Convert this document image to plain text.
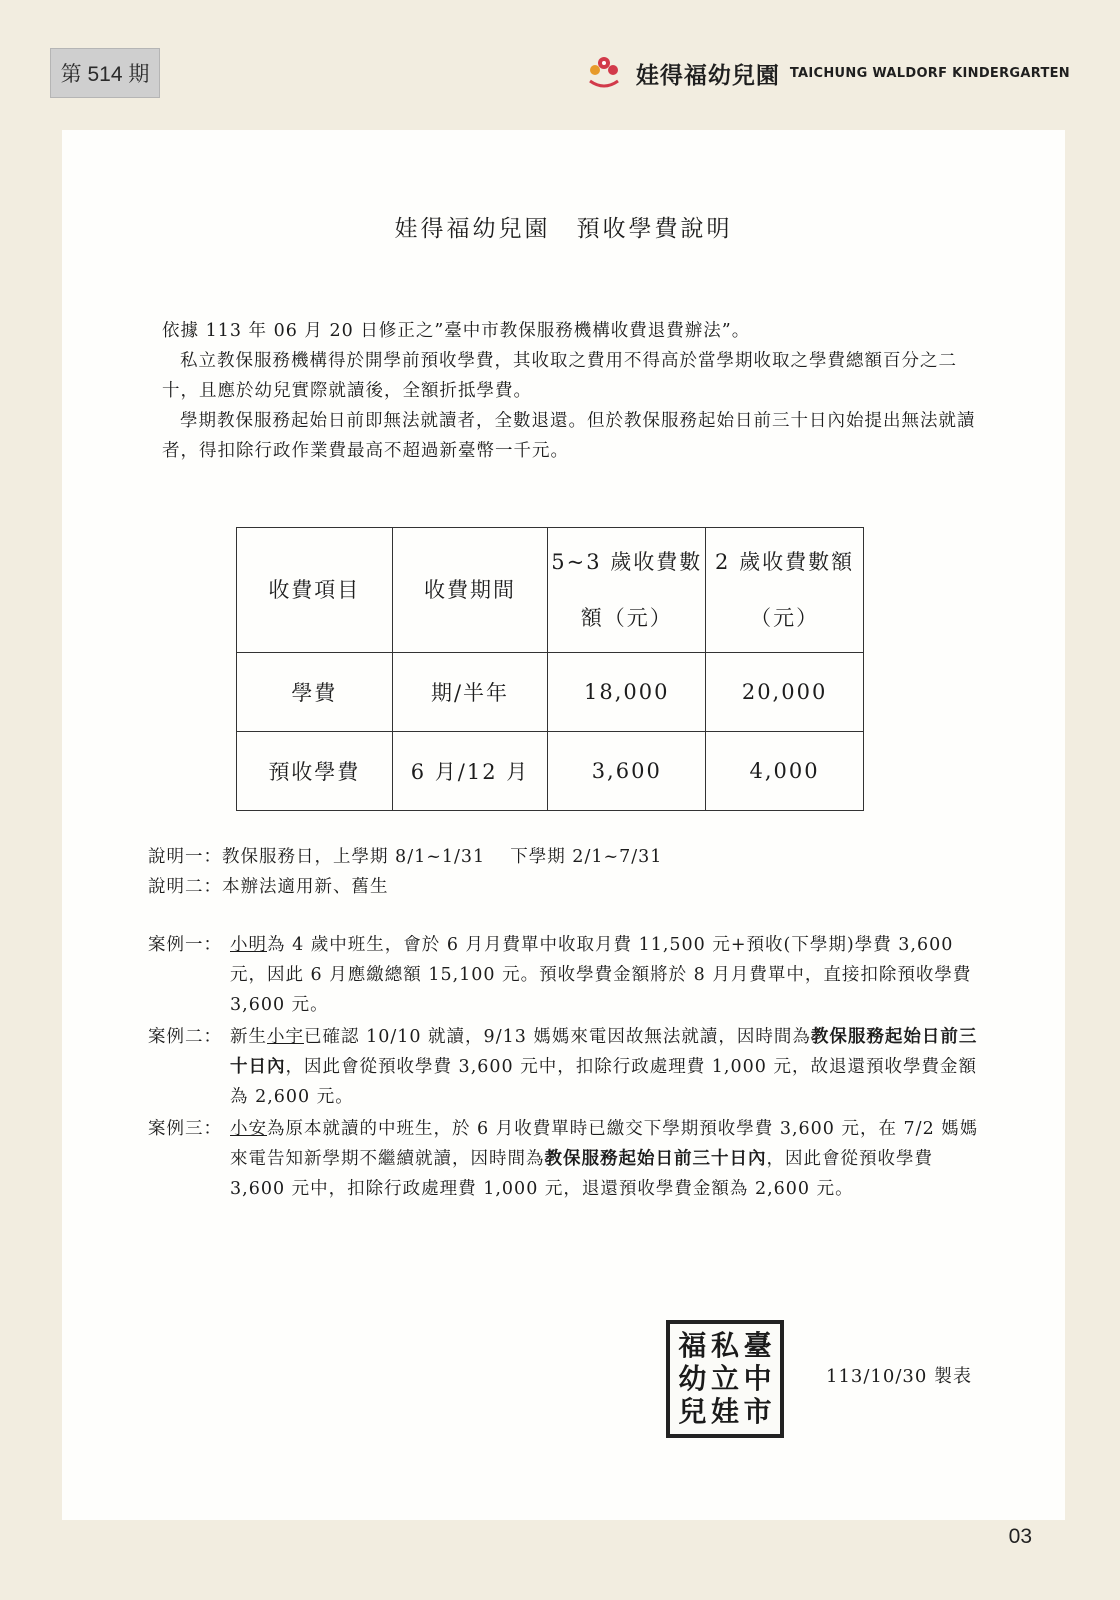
第 514 期	娃得福幼兒園 TAICHUNG WALDORF KINDERGARTEN
娃得福幼兒園　預收學費說明
依據 113 年 06 月 20 日修正之”臺中市教保服務機構收費退費辦法”。
私立教保服務機構得於開學前預收學費，其收取之費用不得高於當學期收取之學費總額百分之二十，且應於幼兒實際就讀後，全額折抵學費。
學期教保服務起始日前即無法就讀者，全數退還。但於教保服務起始日前三十日內始提出無法就讀者，得扣除行政作業費最高不超過新臺幣一千元。
收費項目	收費期間	5~3 歲收費數額（元）	2 歲收費數額（元）
學費	期/半年	18,000	20,000
預收學費	6 月/12 月	3,600	4,000
說明一：教保服務日，上學期 8/1~1/31　 下學期 2/1~7/31
說明二：本辦法適用新、舊生
案例一： 小明為 4 歲中班生，會於 6 月月費單中收取月費 11,500 元+預收(下學期)學費 3,600 元，因此 6 月應繳總額 15,100 元。預收學費金額將於 8 月月費單中，直接扣除預收學費 3,600 元。
案例二： 新生小宇已確認 10/10 就讀，9/13 媽媽來電因故無法就讀，因時間為教保服務起始日前三十日內，因此會從預收學費 3,600 元中，扣除行政處理費 1,000 元，故退還預收學費金額為 2,600 元。
案例三： 小安為原本就讀的中班生，於 6 月收費單時已繳交下學期預收學費 3,600 元，在 7/2 媽媽來電告知新學期不繼續就讀，因時間為教保服務起始日前三十日內，因此會從預收學費 3,600 元中，扣除行政處理費 1,000 元，退還預收學費金額為 2,600 元。
福 私 臺
幼 立 中
兒 娃 市
113/10/30 製表
03
